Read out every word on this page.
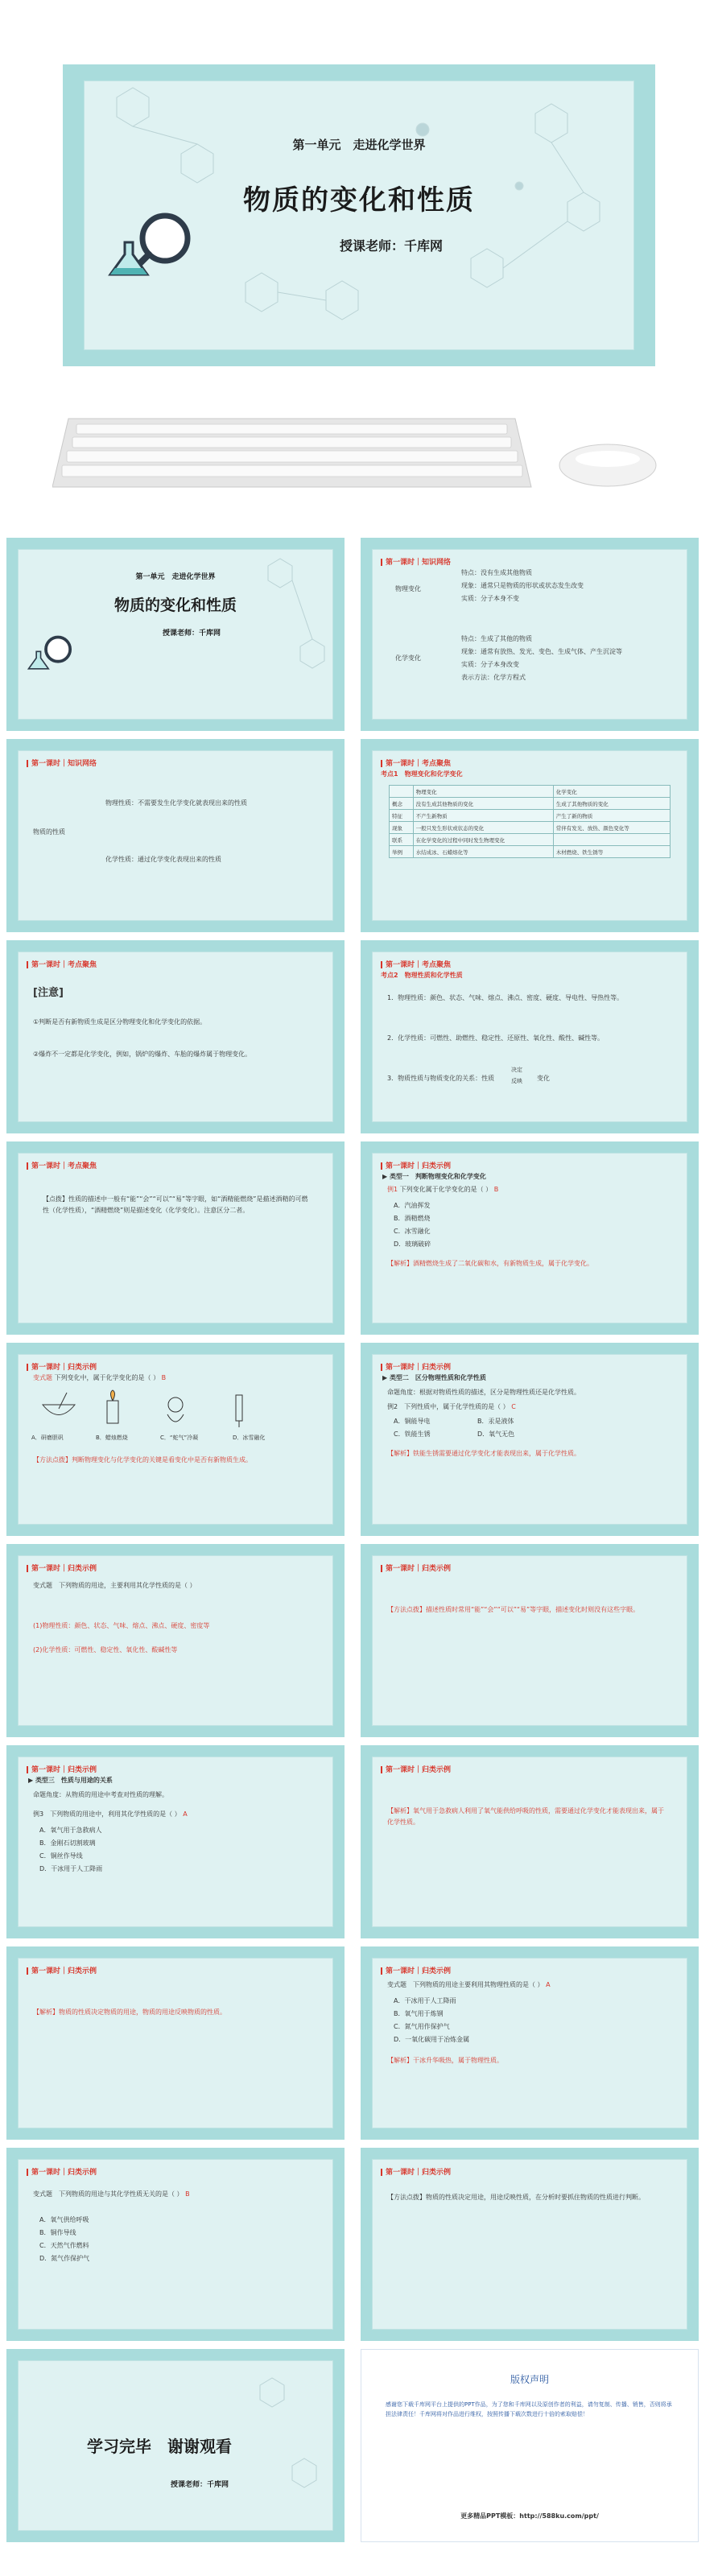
第一单元　走进化学世界
物质的变化和性质
授课老师：千库网
第一单元　走进化学世界
物质的变化和性质
授课老师：千库网
第一课时｜知识网络
物理变化
特点：没有生成其他物质
现象：通常只是物质的形状或状态发生改变
实质：分子本身不变
化学变化
特点：生成了其他的物质
现象：通常有放热、发光、变色、生成气体、产生沉淀等
实质：分子本身改变
表示方法：化学方程式
第一课时｜知识网络
物质的性质
物理性质：不需要发生化学变化就表现出来的性质
化学性质：通过化学变化表现出来的性质
第一课时｜考点聚焦
考点1　物理变化和化学变化
	物理变化	化学变化
概念	没有生成其他物质的变化	生成了其他物质的变化
特征	不产生新物质	产生了新的物质
现象	一般只发生形状或状态的变化	常伴有发光、放热、颜色变化等
联系	在化学变化的过程中同时发生物理变化	
举例	水结成冰、石蜡熔化等	木材燃烧、铁生锈等
第一课时｜考点聚焦
[注意]
①判断是否有新物质生成是区分物理变化和化学变化的依据。
②爆炸不一定都是化学变化，例如，锅炉的爆炸、车胎的爆炸属于物理变化。
第一课时｜考点聚焦
考点2　物理性质和化学性质
1．物理性质：颜色、状态、气味、熔点、沸点、密度、硬度、导电性、导热性等。
2．化学性质：可燃性、助燃性、稳定性、还原性、氧化性、酸性、碱性等。
3．物质性质与物质变化的关系：性质
决定
反映 变化
第一课时｜考点聚焦
【点拨】性质的描述中一般有“能”“会”“可以”“易”等字眼，如“酒精能燃烧”是描述酒精的可燃性（化学性质），“酒精燃烧”则是描述变化（化学变化）。注意区分二者。
第一课时｜归类示例
▶ 类型一　判断物理变化和化学变化
例1 下列变化属于化学变化的是（ ） B
A．汽油挥发
B．酒精燃烧
C．冰雪融化
D．玻璃破碎
【解析】酒精燃烧生成了二氧化碳和水，有新物质生成，属于化学变化。
第一课时｜归类示例
变式题 下列变化中，属于化学变化的是（ ） B
A．研磨胆矾	B．蜡烛燃烧	C．“蛇气”冷凝	D．冰雪融化
【方法点拨】判断物理变化与化学变化的关键是看变化中是否有新物质生成。
第一课时｜归类示例
▶ 类型二　区分物理性质和化学性质
命题角度：根据对物质性质的描述，区分是物理性质还是化学性质。
例2　下列性质中，属于化学性质的是（ ） C
A．铜能导电	B．汞是液体
C．铁能生锈	D．氧气无色
【解析】铁能生锈需要通过化学变化才能表现出来，属于化学性质。
第一课时｜归类示例
变式题　下列物质的用途，主要利用其化学性质的是（ ）
(1)物理性质：颜色、状态、气味、熔点、沸点、硬度、密度等
(2)化学性质：可燃性、稳定性、氧化性、酸碱性等
第一课时｜归类示例
【方法点拨】描述性质时常用“能”“会”“可以”“易”等字眼，描述变化时则没有这些字眼。
第一课时｜归类示例
▶ 类型三　性质与用途的关系
命题角度：从物质的用途中考查对性质的理解。
例3　下列物质的用途中，利用其化学性质的是（ ） A
A．氧气用于急救病人
B．金刚石切割玻璃
C．铜丝作导线
D．干冰用于人工降雨
第一课时｜归类示例
【解析】氧气用于急救病人利用了氧气能供给呼吸的性质，需要通过化学变化才能表现出来，属于化学性质。
第一课时｜归类示例
【解析】物质的性质决定物质的用途，物质的用途反映物质的性质。
第一课时｜归类示例
变式题　下列物质的用途主要利用其物理性质的是（ ） A
A．干冰用于人工降雨
B．氧气用于炼钢
C．氮气用作保护气
D．一氧化碳用于冶炼金属
【解析】干冰升华吸热，属于物理性质。
第一课时｜归类示例
变式题　下列物质的用途与其化学性质无关的是（ ） B
A．氧气供给呼吸
B．铜作导线
C．天然气作燃料
D．氮气作保护气
第一课时｜归类示例
【方法点拨】物质的性质决定用途，用途反映性质，在分析时要抓住物质的性质进行判断。
学习完毕　谢谢观看
授课老师：千库网
版权声明
感谢您下载千库网平台上提供的PPT作品，为了您和千库网以及原创作者的利益，请勿复制、传播、销售，否则将承担法律责任！千库网将对作品进行维权，按照传播下载次数进行十倍的索取赔偿！
更多精品PPT模板：http://588ku.com/ppt/
